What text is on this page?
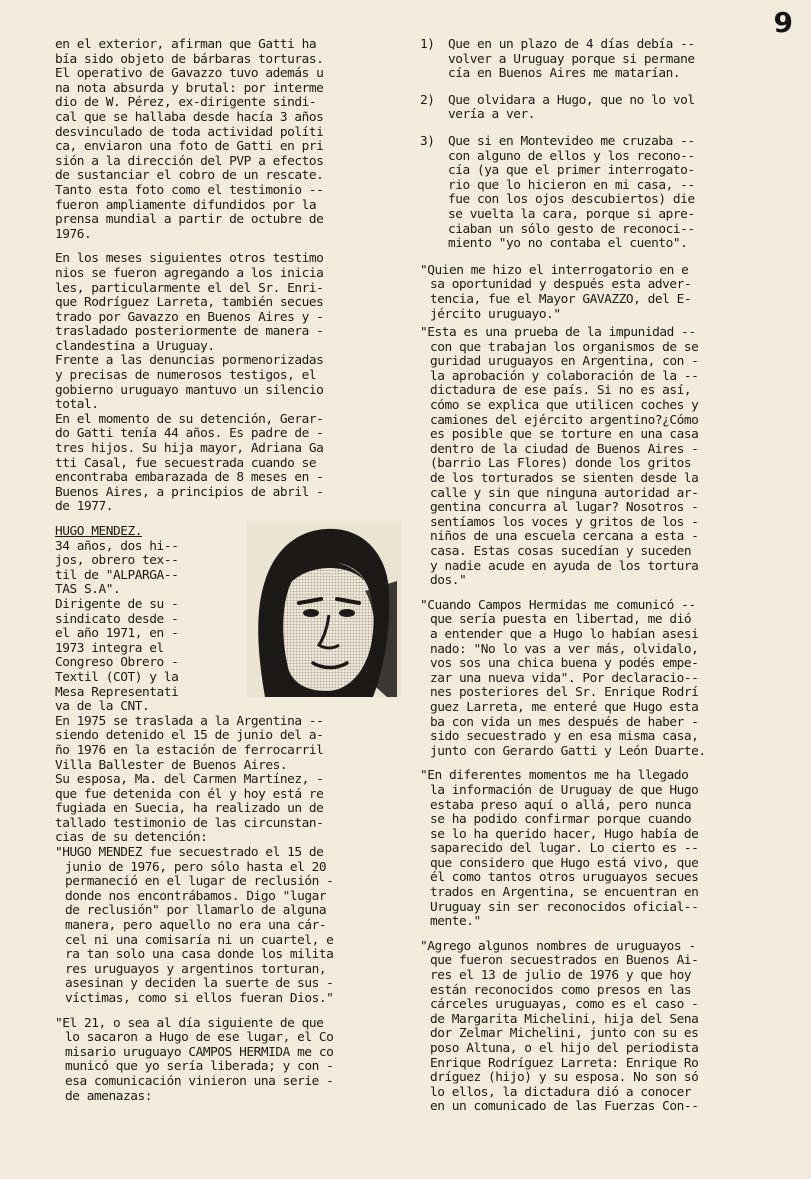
9

en el exterior, afirman que Gatti ha
bía sido objeto de bárbaras torturas.
El operativo de Gavazzo tuvo además u
na nota absurda y brutal: por interme
dio de W. Pérez, ex-dirigente sindi-
cal que se hallaba desde hacía 3 años
desvinculado de toda actividad políti
ca, enviaron una foto de Gatti en pri
sión a la dirección del PVP a efectos
de sustanciar el cobro de un rescate.
Tanto esta foto como el testimonio --
fueron ampliamente difundidos por la
prensa mundial a partir de octubre de
1976.

En los meses siguientes otros testimo
nios se fueron agregando a los inicia
les, particularmente el del Sr. Enri-
que Rodríguez Larreta, también secues
trado por Gavazzo en Buenos Aires y -
trasladado posteriormente de manera -
clandestina a Uruguay.

Frente a las denuncias pormenorizadas
y precisas de numerosos testigos, el
gobierno uruguayo mantuvo un silencio
total.

En el momento de su detención, Gerar-
do Gatti tenía 44 años. Es padre de -
tres hijos. Su hija mayor, Adriana Ga
tti Casal, fue secuestrada cuando se
encontraba embarazada de 8 meses en -
Buenos Aires, a principios de abril -
de 1977.

HUGO MENDEZ.

34 años, dos hi--
jos, obrero tex--
til de "ALPARGA--
TAS S.A".
Dirigente de su -
sindicato desde -
el año 1971, en -
1973 integra el
Congreso Obrero -
Textil (COT) y la
Mesa Representati
va de la CNT.

En 1975 se traslada a la Argentina --
siendo detenido el 15 de junio del a-
ño 1976 en la estación de ferrocarril
Villa Ballester de Buenos Aires.

Su esposa, Ma. del Carmen Martínez, -
que fue detenida con él y hoy está re
fugiada en Suecia, ha realizado un de
tallado testimonio de las circunstan-
cias de su detención:

"HUGO MENDEZ fue secuestrado el 15 de
junio de 1976, pero sólo hasta el 20
permaneció en el lugar de reclusión -
donde nos encontrábamos. Digo "lugar
de reclusión" por llamarlo de alguna
manera, pero aquello no era una cár-
cel ni una comisaría ni un cuartel, e
ra tan solo una casa donde los milita
res uruguayos y argentinos torturan,
asesinan y deciden la suerte de sus -
víctimas, como si ellos fueran Dios."

"El 21, o sea al día siguiente de que
lo sacaron a Hugo de ese lugar, el Co
misario uruguayo CAMPOS HERMIDA me co
municó que yo sería liberada; y con -
esa comunicación vinieron una serie -
de amenazas:

1)	Que en un plazo de 4 días debía --
volver a Uruguay porque si permane
cía en Buenos Aires me matarían.
2)	Que olvidara a Hugo, que no lo vol
vería a ver.
3)	Que si en Montevideo me cruzaba --
con alguno de ellos y los recono--
cía (ya que el primer interrogato-
rio que lo hicieron en mi casa, --
fue con los ojos descubiertos) die
se vuelta la cara, porque si apre-
ciaban un sólo gesto de reconoci--
miento "yo no contaba el cuento".

"Quien me hizo el interrogatorio en e
sa oportunidad y después esta adver-
tencia, fue el Mayor GAVAZZO, del E-
jército uruguayo."

"Esta es una prueba de la impunidad --
con que trabajan los organismos de se
guridad uruguayos en Argentina, con -
la aprobación y colaboración de la --
dictadura de ese país. Si no es así,
cómo se explica que utilicen coches y
camiones del ejército argentino?¿Cómo
es posible que se torture en una casa
dentro de la ciudad de Buenos Aires -
(barrio Las Flores) donde los gritos
de los torturados se sienten desde la
calle y sin que ninguna autoridad ar-
gentina concurra al lugar? Nosotros -
sentíamos los voces y gritos de los -
niños de una escuela cercana a esta -
casa. Estas cosas sucedían y suceden
y nadie acude en ayuda de los tortura
dos."

"Cuando Campos Hermidas me comunicó --
que sería puesta en libertad, me dió
a entender que a Hugo lo habían asesi
nado: "No lo vas a ver más, olvidalo,
vos sos una chica buena y podés empe-
zar una nueva vida". Por declaracio--
nes posteriores del Sr. Enrique Rodrí
guez Larreta, me enteré que Hugo esta
ba con vida un mes después de haber -
sido secuestrado y en esa misma casa,
junto con Gerardo Gatti y León Duarte.

"En diferentes momentos me ha llegado
la información de Uruguay de que Hugo
estaba preso aquí o allá, pero nunca
se ha podido confirmar porque cuando
se lo ha querido hacer, Hugo había de
saparecido del lugar. Lo cierto es --
que considero que Hugo está vivo, que
él como tantos otros uruguayos secues
trados en Argentina, se encuentran en
Uruguay sin ser reconocidos oficial--
mente."

"Agrego algunos nombres de uruguayos -
que fueron secuestrados en Buenos Ai-
res el 13 de julio de 1976 y que hoy
están reconocidos como presos en las
cárceles uruguayas, como es el caso -
de Margarita Michelini, hija del Sena
dor Zelmar Michelini, junto con su es
poso Altuna, o el hijo del periodista
Enrique Rodríguez Larreta: Enrique Ro
dríguez (hijo) y su esposa. No son só
lo ellos, la dictadura dió a conocer
en un comunicado de las Fuerzas Con--
